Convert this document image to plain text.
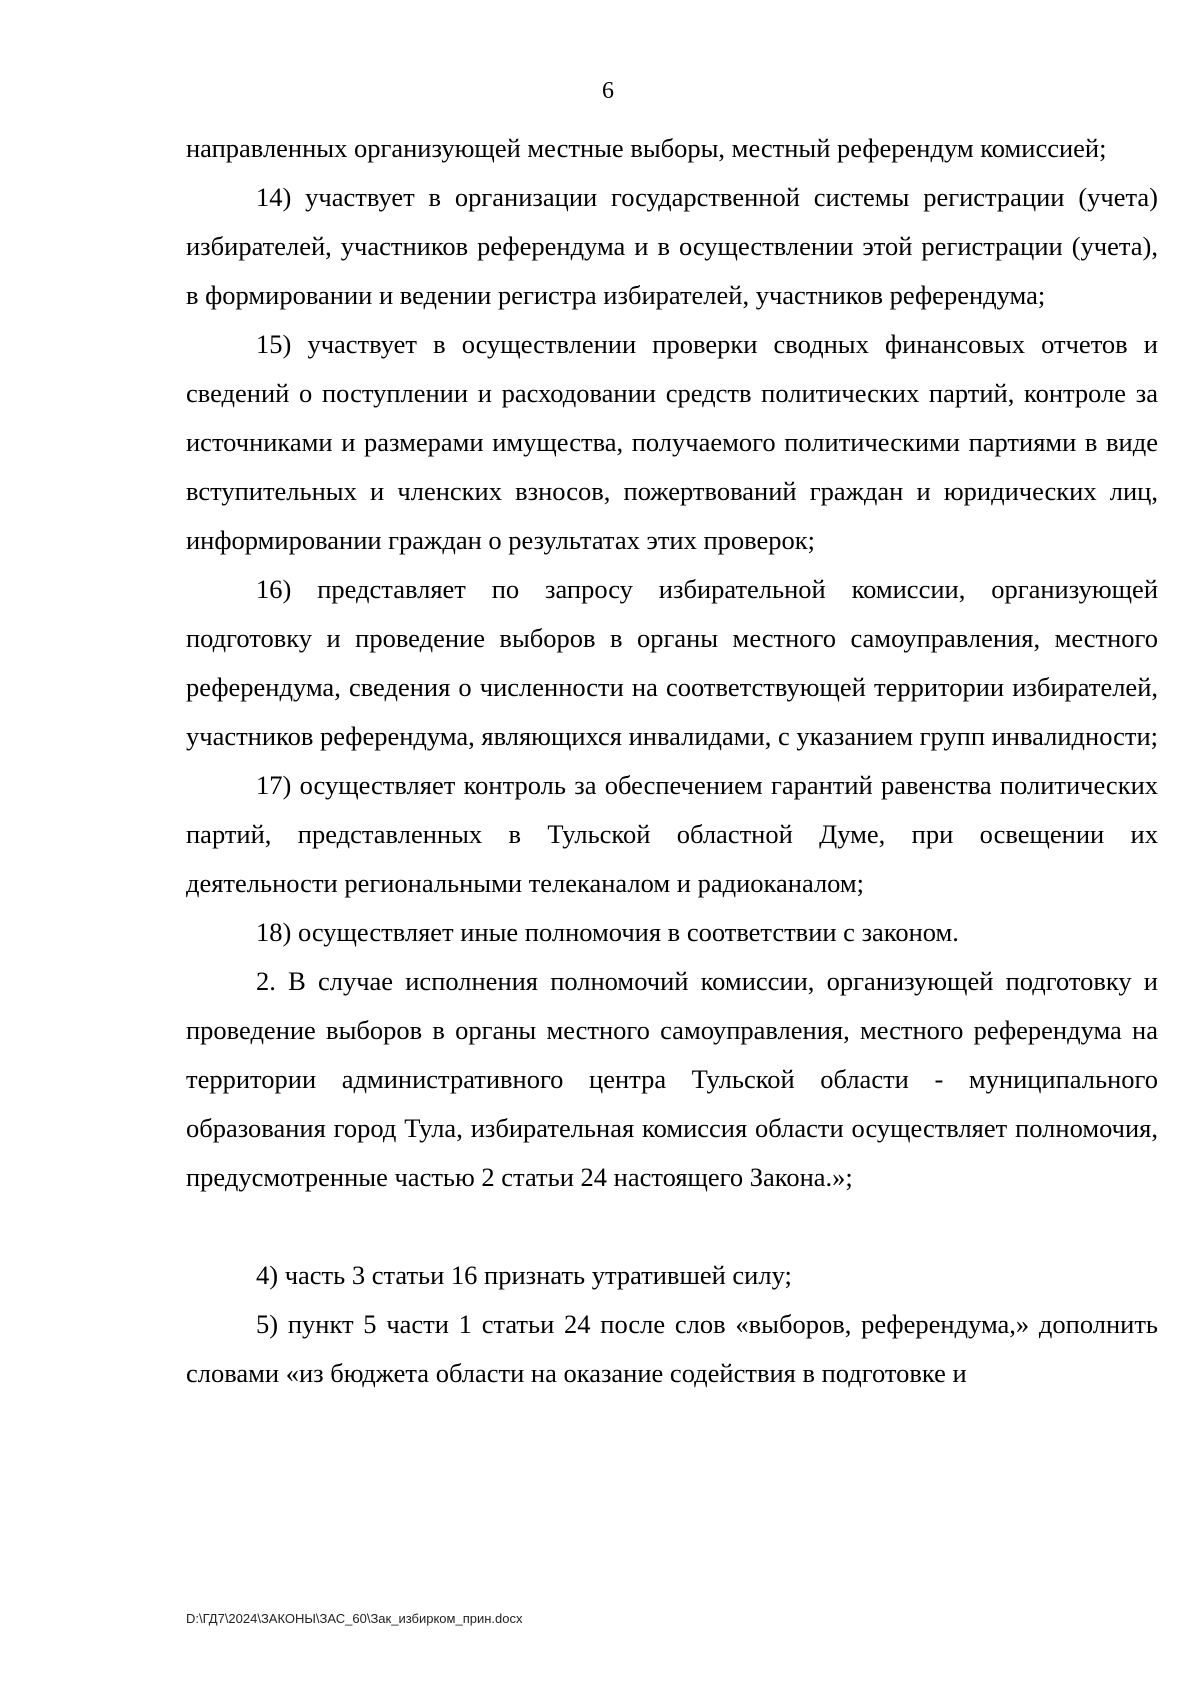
6

направленных организующей местные выборы, местный референдум комиссией;

14) участвует в организации государственной системы регистрации (учета) избирателей, участников референдума и в осуществлении этой регистрации (учета), в формировании и ведении регистра избирателей, участников референдума;

15) участвует в осуществлении проверки сводных финансовых отчетов и сведений о поступлении и расходовании средств политических партий, контроле за источниками и размерами имущества, получаемого политическими партиями в виде вступительных и членских взносов, пожертвований граждан и юридических лиц, информировании граждан о результатах этих проверок;

16) представляет по запросу избирательной комиссии, организующей подготовку и проведение выборов в органы местного самоуправления, местного референдума, сведения о численности на соответствующей территории избирателей, участников референдума, являющихся инвалидами, с указанием групп инвалидности;

17) осуществляет контроль за обеспечением гарантий равенства политических партий, представленных в Тульской областной Думе, при освещении их деятельности региональными телеканалом и радиоканалом;

18) осуществляет иные полномочия в соответствии с законом.

2. В случае исполнения полномочий комиссии, организующей подготовку и проведение выборов в органы местного самоуправления, местного референдума на территории административного центра Тульской области - муниципального образования город Тула, избирательная комиссия области осуществляет полномочия, предусмотренные частью 2 статьи 24 настоящего Закона.»;

4) часть 3 статьи 16 признать утратившей силу;

5) пункт 5 части 1 статьи 24 после слов «выборов, референдума,» дополнить словами «из бюджета области на оказание содействия в подготовке и

D:\ГД7\2024\ЗАКОНЫ\ЗАС_60\Зак_избирком_прин.docx
